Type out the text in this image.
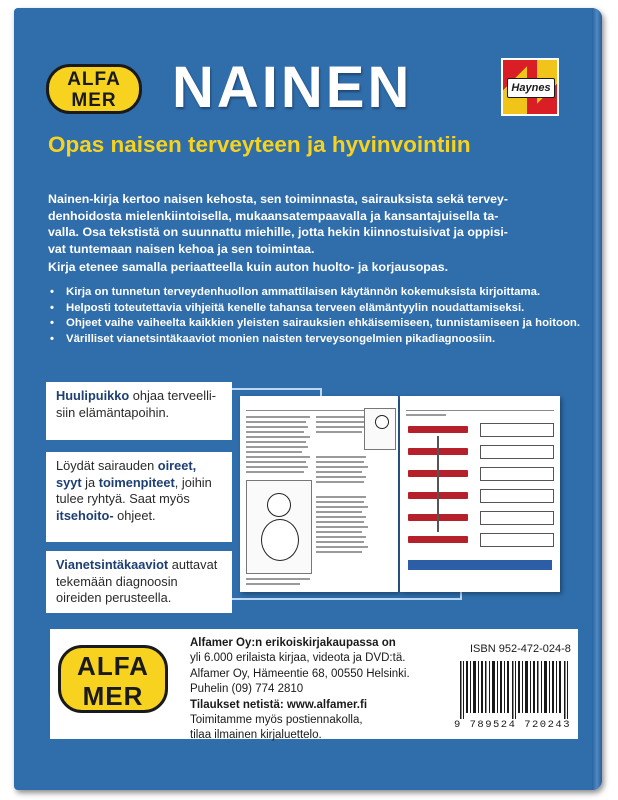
ALFA
MER NAINEN	Haynes
Opas naisen terveyteen ja hyvinvointiin
Nainen-kirja kertoo naisen kehosta, sen toiminnasta, sairauksista sekä tervey-
denhoidosta mielenkiintoisella, mukaansatempaavalla ja kansantajuisella ta-
valla. Osa tekstistä on suunnattu miehille, jotta hekin kiinnostuisivat ja oppisi-
vat tuntemaan naisen kehoa ja sen toimintaa.
Kirja etenee samalla periaatteella kuin auton huolto- ja korjausopas.
• Kirja on tunnetun terveydenhuollon ammattilaisen käytännön kokemuksista kirjoittama.
• Helposti toteutettavia vihjeitä kenelle tahansa terveen elämäntyylin noudattamiseksi.
• Ohjeet vaihe vaiheelta kaikkien yleisten sairauksien ehkäisemiseen, tunnistamiseen ja hoitoon.
• Värilliset vianetsintäkaaviot monien naisten terveysongelmien pikadiagnoosiin.
Huulipuikko ohjaa terveelli- siin elämäntapoihin.
Löydät sairauden oireet, syyt ja toimenpiteet, joihin tulee ryhtyä. Saat myös itsehoito- ohjeet.
Vianetsintäkaaviot auttavat tekemään diagnoosin oireiden perusteella.
Alfamer Oy:n erikoiskirjakaupassa on
yli 6.000 erilaista kirjaa, videota ja DVD:tä.
Alfamer Oy, Hämeentie 68, 00550 Helsinki.
Puhelin (09) 774 2810
Tilaukset netistä: www.alfamer.fi
Toimitamme myös postiennakolla,
tilaa ilmainen kirjaluettelo.
ISBN 952-472-024-8
9 789524 720243
ALFA
MER
